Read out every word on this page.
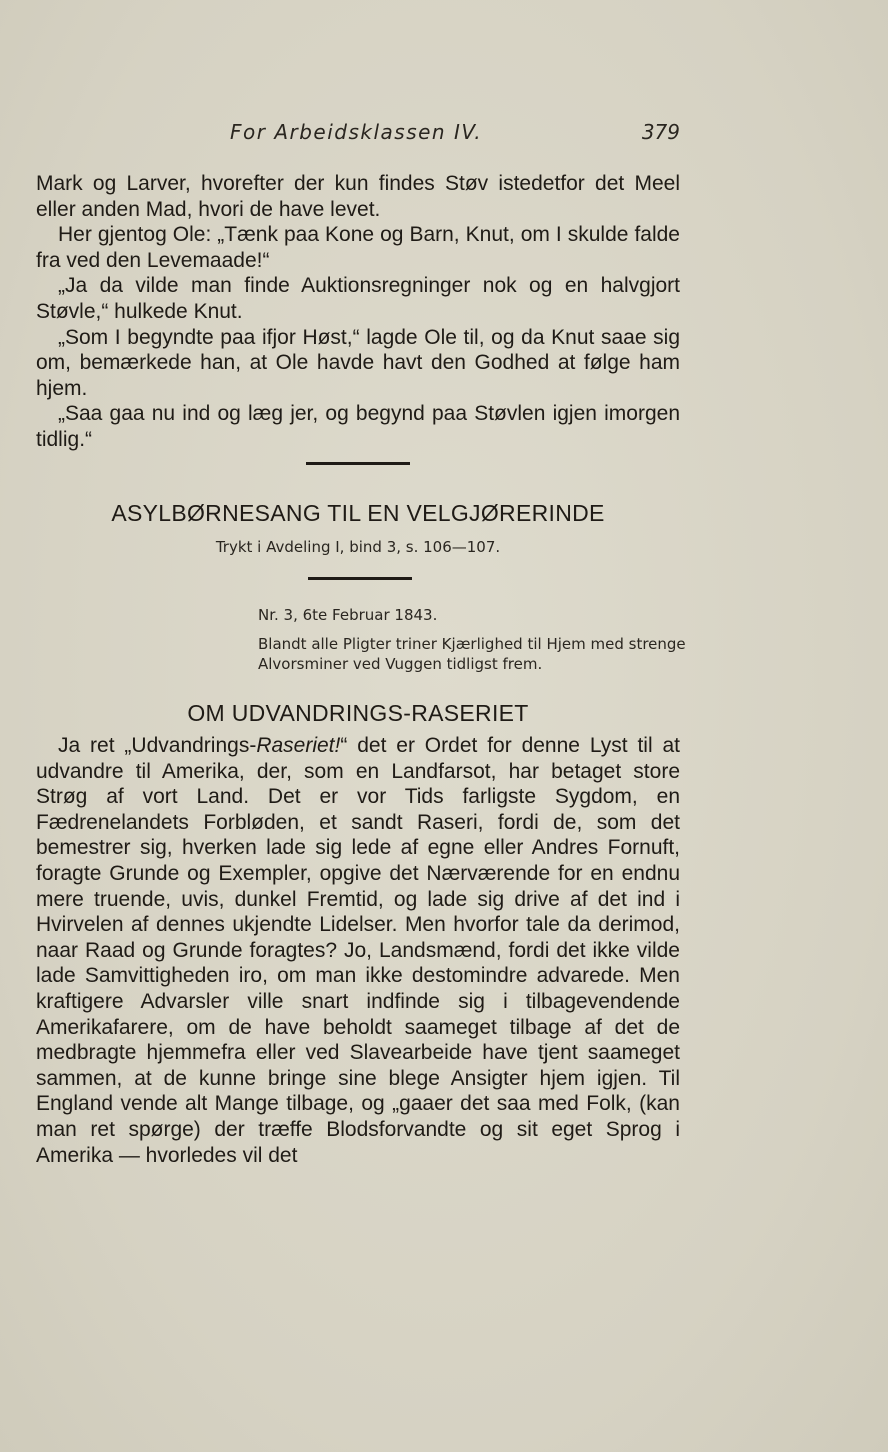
For Arbeidsklassen IV.	379

Mark og Larver, hvorefter der kun findes Støv istedetfor det Meel eller anden Mad, hvori de have levet.

Her gjentog Ole: „Tænk paa Kone og Barn, Knut, om I skulde falde fra ved den Levemaade!“

„Ja da vilde man finde Auktionsregninger nok og en halvgjort Støvle,“ hulkede Knut.

„Som I begyndte paa ifjor Høst,“ lagde Ole til, og da Knut saae sig om, bemærkede han, at Ole havde havt den Godhed at følge ham hjem.

„Saa gaa nu ind og læg jer, og begynd paa Støvlen igjen imorgen tidlig.“

ASYLBØRNESANG TIL EN VELGJØRERINDE
Trykt i Avdeling I, bind 3, s. 106—107.
Nr. 3, 6te Februar 1843.
Blandt alle Pligter triner Kjærlighed til Hjem med strenge Alvorsminer ved Vuggen tidligst frem.
OM UDVANDRINGS-RASERIET

Ja ret „Udvandrings-Raseriet!“ det er Ordet for denne Lyst til at udvandre til Amerika, der, som en Landfarsot, har betaget store Strøg af vort Land. Det er vor Tids farligste Sygdom, en Fædrenelandets Forbløden, et sandt Raseri, fordi de, som det bemestrer sig, hverken lade sig lede af egne eller Andres Fornuft, foragte Grunde og Exempler, opgive det Nærværende for en endnu mere truende, uvis, dunkel Fremtid, og lade sig drive af det ind i Hvirvelen af dennes ukjendte Lidelser. Men hvorfor tale da derimod, naar Raad og Grunde foragtes? Jo, Landsmænd, fordi det ikke vilde lade Samvittigheden iro, om man ikke destomindre advarede. Men kraftigere Advarsler ville snart indfinde sig i tilbagevendende Amerikafarere, om de have beholdt saameget tilbage af det de medbragte hjemmefra eller ved Slavearbeide have tjent saameget sammen, at de kunne bringe sine blege Ansigter hjem igjen. Til England vende alt Mange tilbage, og „gaaer det saa med Folk, (kan man ret spørge) der træffe Blodsforvandte og sit eget Sprog i Amerika — hvorledes vil det
